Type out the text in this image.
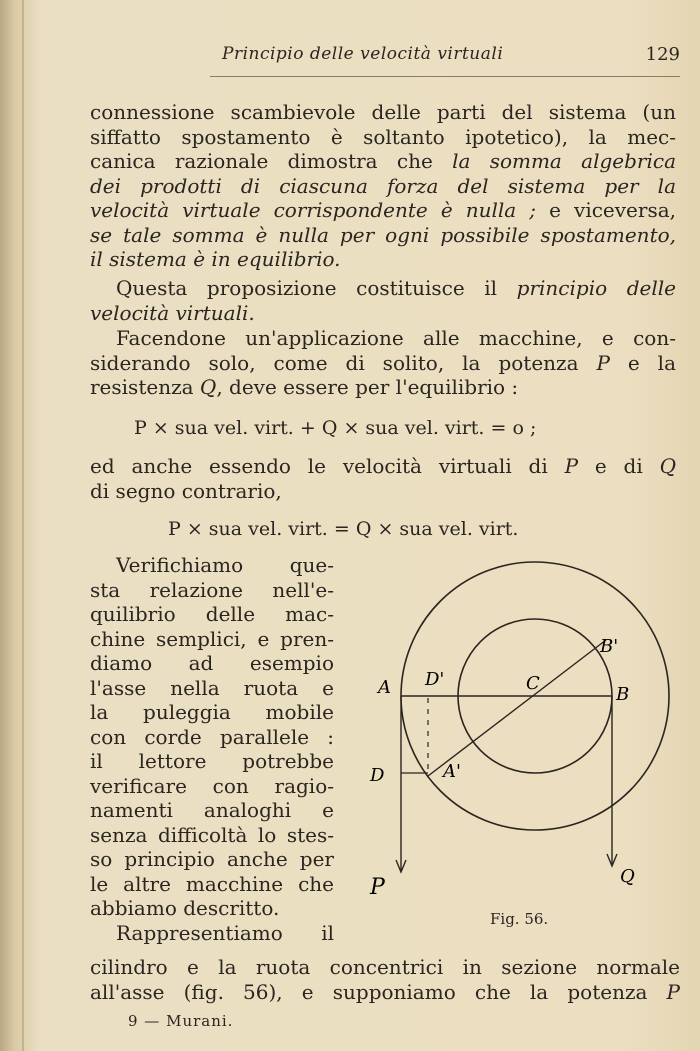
Principio delle velocità virtuali	129
connessione scambievole delle parti del sistema (un
siffatto spostamento è soltanto ipotetico), la mec-
canica razionale dimostra che la somma algebrica
dei prodotti di ciascuna forza del sistema per la
velocità virtuale corrispondente è nulla ; e viceversa,
se tale somma è nulla per ogni possibile spostamento,
il sistema è in equilibrio.
Questa proposizione costituisce il principio delle
velocità virtuali.
Facendone un'applicazione alle macchine, e con-
siderando solo, come di solito, la potenza P e la
resistenza Q, deve essere per l'equilibrio :
P × sua vel. virt. + Q × sua vel. virt. = o ;
ed anche essendo le velocità virtuali di P e di Q
di segno contrario,
P × sua vel. virt. = Q × sua vel. virt.
Verifichiamo que-
sta relazione nell'e-
quilibrio delle mac-
chine semplici, e pren-
diamo ad esempio
l'asse nella ruota e
la puleggia mobile
con corde parallele :
il lettore potrebbe
verificare con ragio-
namenti analoghi e
senza difficoltà lo stes-
so principio anche per
le altre macchine che
abbiamo descritto.
Rappresentiamo il
cilindro e la ruota concentrici in sezione normale
all'asse (fig. 56), e supponiamo che la potenza P
A D'	C
B
B'
D	A'
P	Q
Fig. 56.
9 — Murani.
